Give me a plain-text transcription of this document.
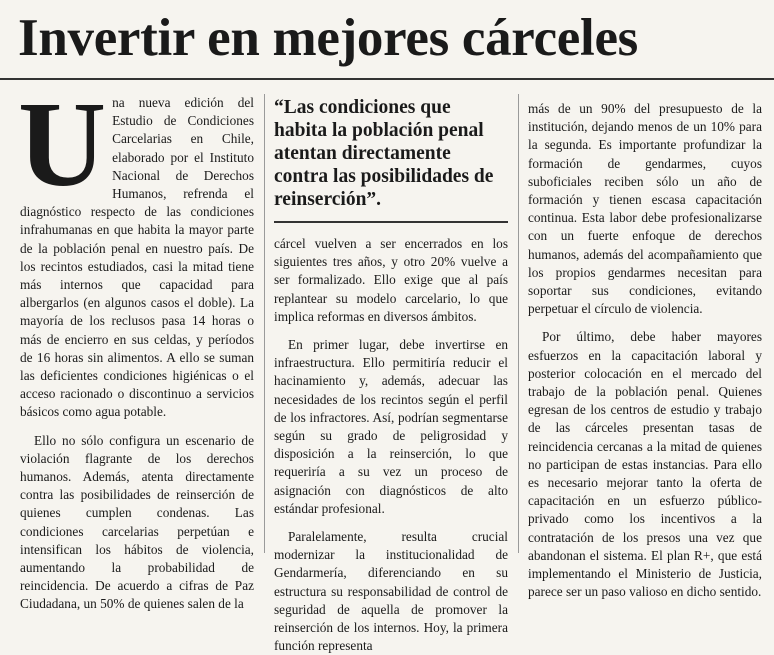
Invertir en mejores cárceles

Una nueva edición del Estudio de Condiciones Carcelarias en Chile, elaborado por el Instituto Nacional de Derechos Humanos, refrenda el diagnóstico respecto de las condiciones infrahumanas en que habita la mayor parte de la población penal en nuestro país. De los recintos estudiados, casi la mitad tiene más internos que capacidad para albergarlos (en algunos casos el doble). La mayoría de los reclusos pasa 14 horas o más de encierro en sus celdas, y períodos de 16 horas sin alimentos. A ello se suman las deficientes condiciones higiénicas o el acceso racionado o discontinuo a servicios básicos como agua potable.

Ello no sólo configura un escenario de violación flagrante de los derechos humanos. Además, atenta directamente contra las posibilidades de reinserción de quienes cumplen condenas. Las condiciones carcelarias perpetúan e intensifican los hábitos de violencia, aumentando la probabilidad de reincidencia. De acuerdo a cifras de Paz Ciudadana, un 50% de quienes salen de la

“Las condiciones que habita la población penal atentan directamente contra las posibilidades de reinserción”.

cárcel vuelven a ser encerrados en los siguientes tres años, y otro 20% vuelve a ser formalizado. Ello exige que al país replantear su modelo carcelario, lo que implica reformas en diversos ámbitos.

En primer lugar, debe invertirse en infraestructura. Ello permitiría reducir el hacinamiento y, además, adecuar las necesidades de los recintos según el perfil de los infractores. Así, podrían segmentarse según su grado de peligrosidad y disposición a la reinserción, lo que requeriría a su vez un proceso de asignación con diagnósticos de alto estándar profesional.

Paralelamente, resulta crucial modernizar la institucionalidad de Gendarmería, diferenciando en su estructura su responsabilidad de control de seguridad de aquella de promover la reinserción de los internos. Hoy, la primera función representa

más de un 90% del presupuesto de la institución, dejando menos de un 10% para la segunda. Es importante profundizar la formación de gendarmes, cuyos suboficiales reciben sólo un año de formación y tienen escasa capacitación continua. Esta labor debe profesionalizarse con un fuerte enfoque de derechos humanos, además del acompañamiento que los propios gendarmes necesitan para soportar sus condiciones, evitando perpetuar el círculo de violencia.

Por último, debe haber mayores esfuerzos en la capacitación laboral y posterior colocación en el mercado del trabajo de la población penal. Quienes egresan de los centros de estudio y trabajo de las cárceles presentan tasas de reincidencia cercanas a la mitad de quienes no participan de estas instancias. Para ello es necesario mejorar tanto la oferta de capacitación en un esfuerzo público-privado como los incentivos a la contratación de los presos una vez que abandonan el sistema. El plan R+, que está implementando el Ministerio de Justicia, parece ser un paso valioso en dicho sentido.
